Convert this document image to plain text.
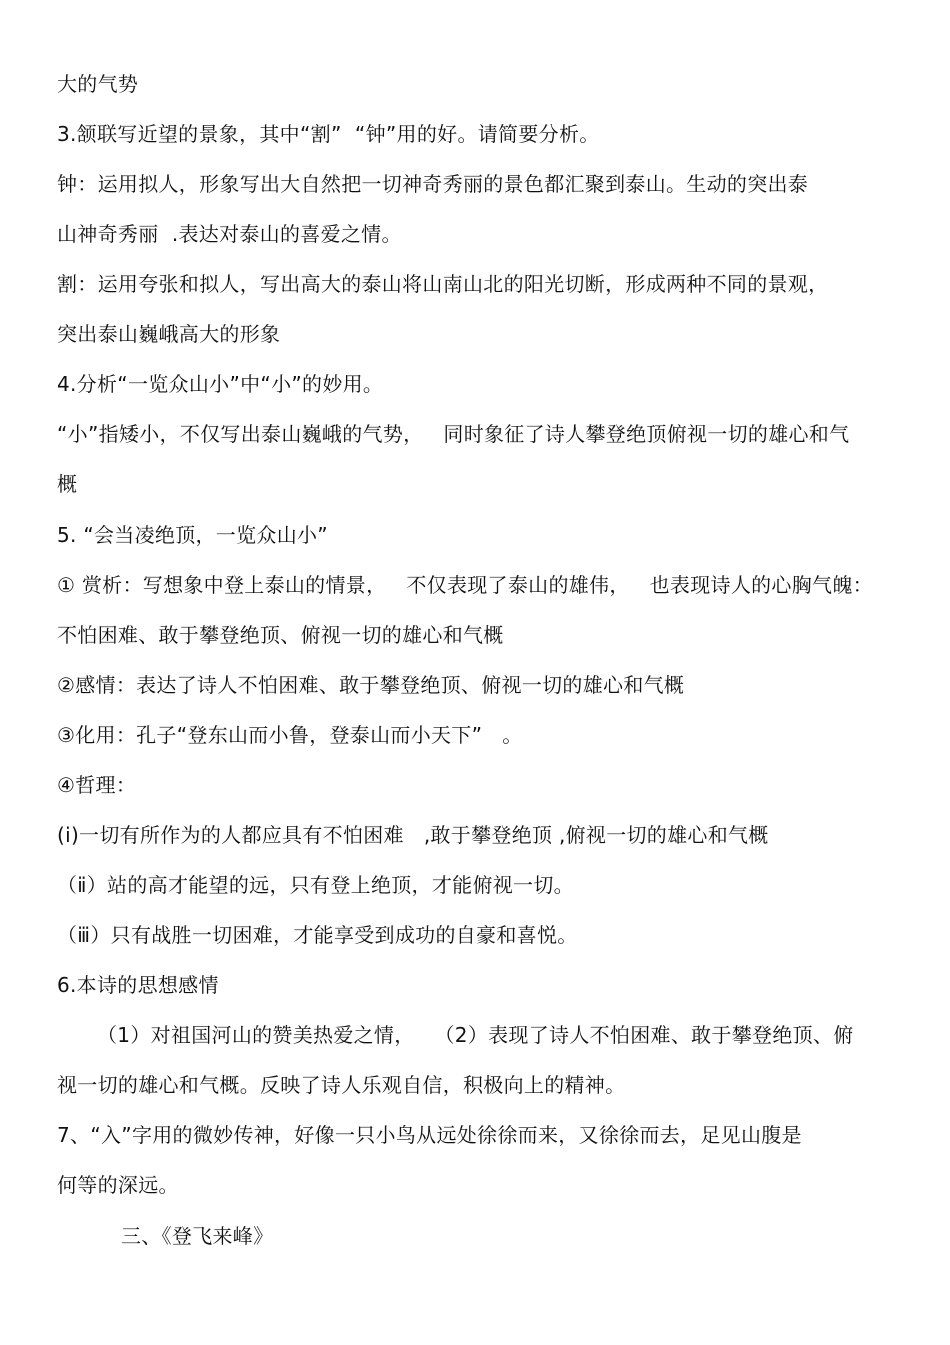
大的气势
3.颔联写近望的景象，其中“割”  “钟”用的好。请简要分析。
钟：运用拟人，形象写出大自然把一切神奇秀丽的景色都汇聚到泰山。生动的突出泰
山神奇秀丽  .表达对泰山的喜爱之情。
割：运用夸张和拟人，写出高大的泰山将山南山北的阳光切断，形成两种不同的景观，
突出泰山巍峨高大的形象
4.分析“一览众山小”中“小”的妙用。
“小”指矮小，不仅写出泰山巍峨的气势，   同时象征了诗人攀登绝顶俯视一切的雄心和气
概
5. “会当凌绝顶，一览众山小”
① 赏析：写想象中登上泰山的情景，   不仅表现了泰山的雄伟，   也表现诗人的心胸气魄：
不怕困难、敢于攀登绝顶、俯视一切的雄心和气概
②感情：表达了诗人不怕困难、敢于攀登绝顶、俯视一切的雄心和气概
③化用：孔子“登东山而小鲁，登泰山而小天下”   。
④哲理：
(ⅰ)一切有所作为的人都应具有不怕困难   ,敢于攀登绝顶 ,俯视一切的雄心和气概
（ⅱ）站的高才能望的远，只有登上绝顶，才能俯视一切。
（ⅲ）只有战胜一切困难，才能享受到成功的自豪和喜悦。
6.本诗的思想感情
（1）对祖国河山的赞美热爱之情，   （2）表现了诗人不怕困难、敢于攀登绝顶、俯
视一切的雄心和气概。反映了诗人乐观自信，积极向上的精神。
7、“入”字用的微妙传神，好像一只小鸟从远处徐徐而来，又徐徐而去，足见山腹是
何等的深远。
三、《登飞来峰》
